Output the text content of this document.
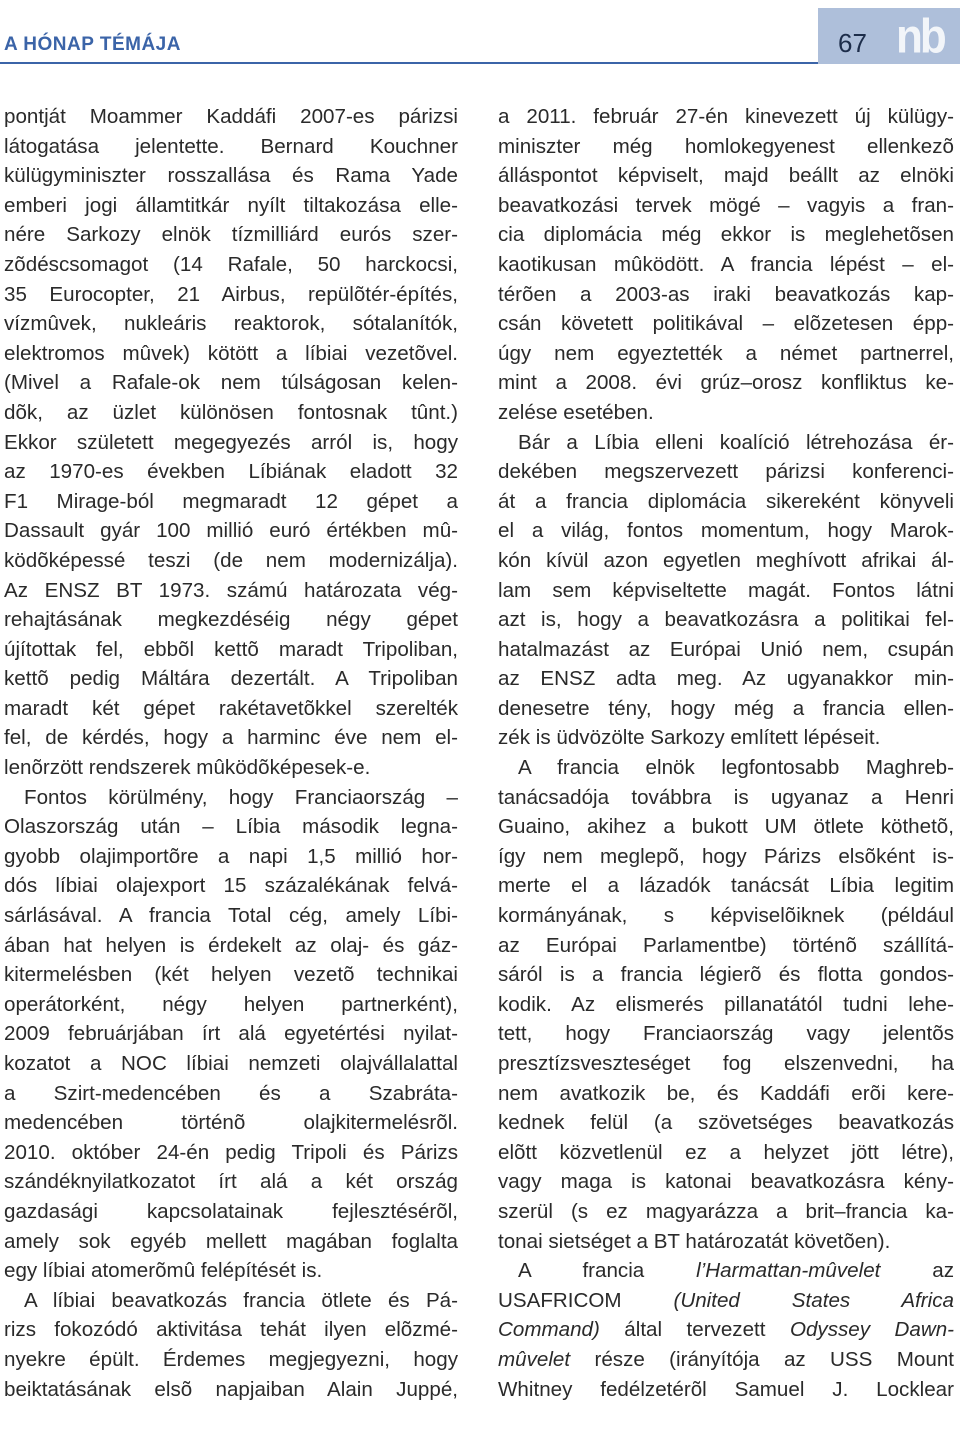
A HÓNAP TÉMÁJA	67 nb
pontját Moammer Kaddáfi 2007-es párizsi
látogatása jelentette. Bernard Kouchner
külügyminiszter rosszallása és Rama Yade
emberi jogi államtitkár nyílt tiltakozása elle-
nére Sarkozy elnök tízmilliárd eurós szer-
zõdéscsomagot (14 Rafale, 50 harckocsi,
35 Eurocopter, 21 Airbus, repülõtér-építés,
vízmûvek, nukleáris reaktorok, sótalanítók,
elektromos mûvek) kötött a líbiai vezetõvel.
(Mivel a Rafale-ok nem túlságosan kelen-
dõk, az üzlet különösen fontosnak tûnt.)
Ekkor született megegyezés arról is, hogy
az 1970-es években Líbiának eladott 32
F1 Mirage-ból megmaradt 12 gépet a
Dassault gyár 100 millió euró értékben mû-
ködõképessé teszi (de nem modernizálja).
Az ENSZ BT 1973. számú határozata vég-
rehajtásának megkezdéséig négy gépet
újítottak fel, ebbõl kettõ maradt Tripoliban,
kettõ pedig Máltára dezertált. A Tripoliban
maradt két gépet rakétavetõkkel szerelték
fel, de kérdés, hogy a harminc éve nem el-
lenõrzött rendszerek mûködõképesek-e.
Fontos körülmény, hogy Franciaország –
Olaszország után – Líbia második legna-
gyobb olajimportõre a napi 1,5 millió hor-
dós líbiai olajexport 15 százalékának felvá-
sárlásával. A francia Total cég, amely Líbi-
ában hat helyen is érdekelt az olaj- és gáz-
kitermelésben (két helyen vezetõ technikai
operátorként, négy helyen partnerként),
2009 februárjában írt alá egyetértési nyilat-
kozatot a NOC líbiai nemzeti olajvállalattal
a Szirt-medencében és a Szabráta-
medencében történõ olajkitermelésrõl.
2010. október 24-én pedig Tripoli és Párizs
szándéknyilatkozatot írt alá a két ország
gazdasági kapcsolatainak fejlesztésérõl,
amely sok egyéb mellett magában foglalta
egy líbiai atomerõmû felépítését is.
A líbiai beavatkozás francia ötlete és Pá-
rizs fokozódó aktivitása tehát ilyen elõzmé-
nyekre épült. Érdemes megjegyezni, hogy
beiktatásának elsõ napjaiban Alain Juppé,
a 2011. február 27-én kinevezett új külügy-
miniszter még homlokegyenest ellenkezõ
álláspontot képviselt, majd beállt az elnöki
beavatkozási tervek mögé – vagyis a fran-
cia diplomácia még ekkor is meglehetõsen
kaotikusan mûködött. A francia lépést – el-
térõen a 2003-as iraki beavatkozás kap-
csán követett politikával – elõzetesen épp-
úgy nem egyeztették a német partnerrel,
mint a 2008. évi grúz–orosz konfliktus ke-
zelése esetében.
Bár a Líbia elleni koalíció létrehozása ér-
dekében megszervezett párizsi konferenci-
át a francia diplomácia sikereként könyveli
el a világ, fontos momentum, hogy Marok-
kón kívül azon egyetlen meghívott afrikai ál-
lam sem képviseltette magát. Fontos látni
azt is, hogy a beavatkozásra a politikai fel-
hatalmazást az Európai Unió nem, csupán
az ENSZ adta meg. Az ugyanakkor min-
denesetre tény, hogy még a francia ellen-
zék is üdvözölte Sarkozy említett lépéseit.
A francia elnök legfontosabb Maghreb-
tanácsadója továbbra is ugyanaz a Henri
Guaino, akihez a bukott UM ötlete köthetõ,
így nem meglepõ, hogy Párizs elsõként is-
merte el a lázadók tanácsát Líbia legitim
kormányának, s képviselõiknek (például
az Európai Parlamentbe) történõ szállítá-
sáról is a francia légierõ és flotta gondos-
kodik. Az elismerés pillanatától tudni lehe-
tett, hogy Franciaország vagy jelentõs
presztízsveszteséget fog elszenvedni, ha
nem avatkozik be, és Kaddáfi erõi kere-
kednek felül (a szövetséges beavatkozás
elõtt közvetlenül ez a helyzet jött létre),
vagy maga is katonai beavatkozásra kény-
szerül (s ez magyarázza a brit–francia ka-
tonai sietséget a BT határozatát követõen).
A francia l’Harmattan-mûvelet az
USAFRICOM (United States Africa
Command) által tervezett Odyssey Dawn-
mûvelet része (irányítója az USS Mount
Whitney fedélzetérõl Samuel J. Locklear
